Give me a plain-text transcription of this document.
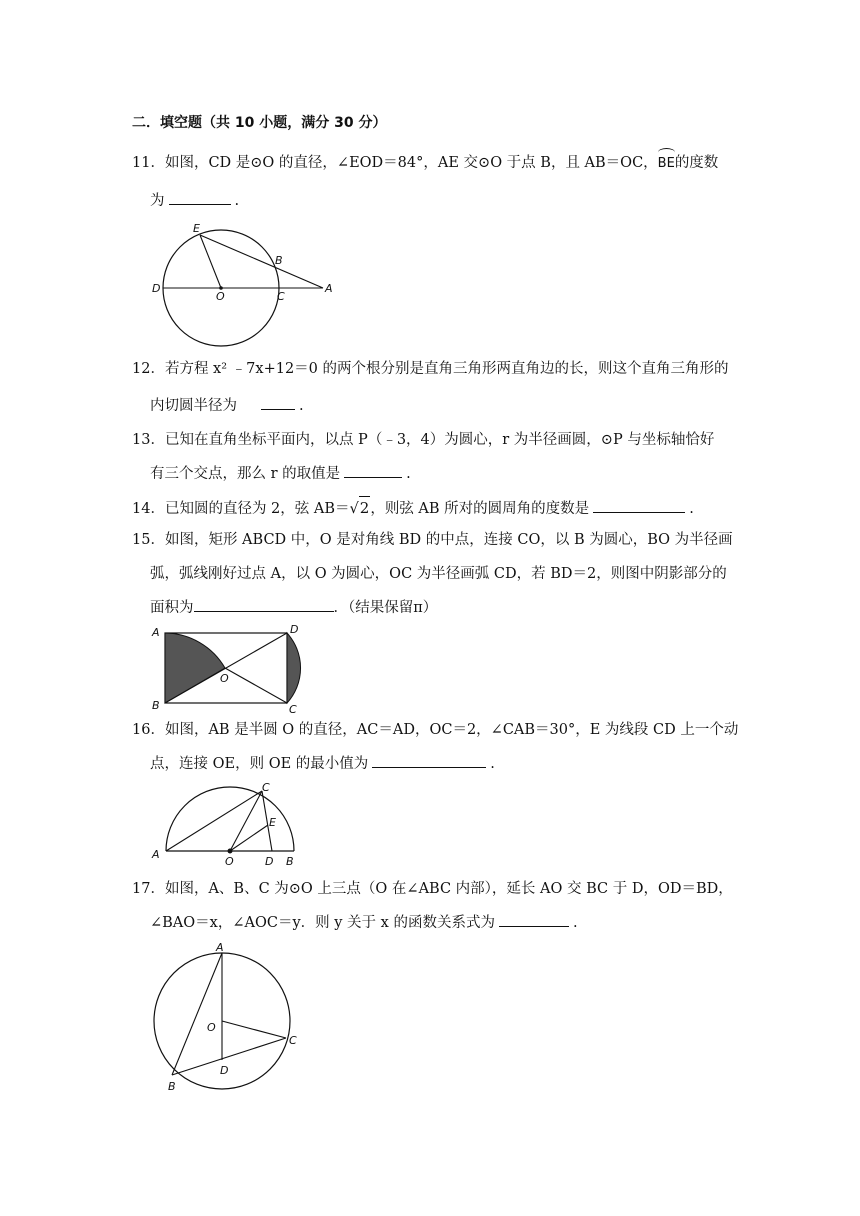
二．填空题（共 10 小题，满分 30 分）
11．如图，CD 是⊙O 的直径，∠EOD＝84°，AE 交⊙O 于点 B，且 AB＝OC，BE的度数
为	.
E
B
D
O	C
A
12．若方程 x² ﹣7x+12＝0 的两个根分别是直角三角形两直角边的长，则这个直角三角形的
内切圆半径为	.
13．已知在直角坐标平面内，以点 P（﹣3，4）为圆心，r 为半径画圆，⊙P 与坐标轴恰好
有三个交点，那么 r 的取值是	.
14．已知圆的直径为 2，弦 AB＝√2，则弦 AB 所对的圆周角的度数是	.
15．如图，矩形 ABCD 中，O 是对角线 BD 的中点，连接 CO，以 B 为圆心，BO 为半径画
弧，弧线刚好过点 A，以 O 为圆心，OC 为半径画弧 CD，若 BD＝2，则图中阴影部分的
面积为	．（结果保留π）
A	D
O
B	C
16．如图，AB 是半圆 O 的直径，AC＝AD，OC＝2，∠CAB＝30°，E 为线段 CD 上一个动
点，连接 OE，则 OE 的最小值为	.
C
E
A
O	D B
17．如图，A、B、C 为⊙O 上三点（O 在∠ABC 内部），延长 AO 交 BC 于 D，OD＝BD，
∠BAO＝x，∠AOC＝y．则 y 关于 x 的函数关系式为	.
A
O
C
D
B
